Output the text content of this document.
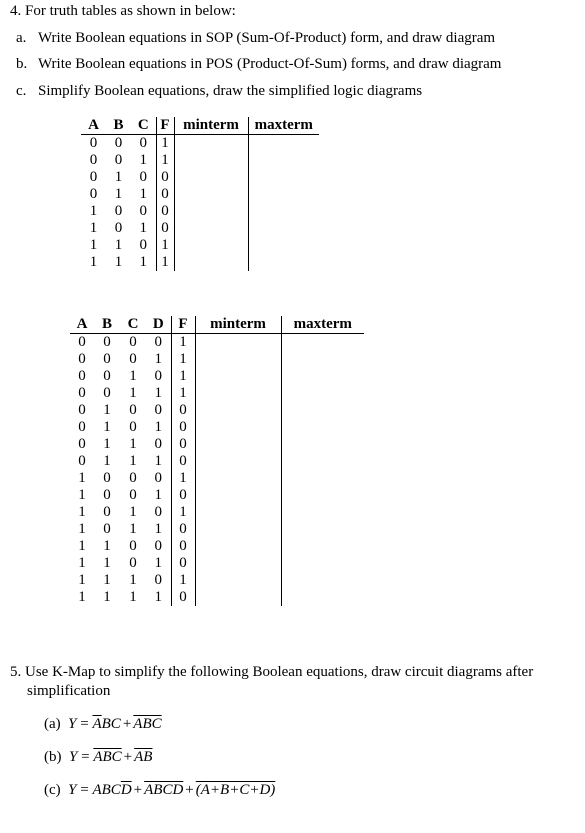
4. For truth tables as shown in below:
a. Write Boolean equations in SOP (Sum-Of-Product) form, and draw diagram
b. Write Boolean equations in POS (Product-Of-Sum) forms, and draw diagram
c. Simplify Boolean equations, draw the simplified logic diagrams
A	B	C	F	minterm	maxterm
0	0	0	1		
0	0	1	1		
0	1	0	0		
0	1	1	0		
1	0	0	0		
1	0	1	0		
1	1	0	1		
1	1	1	1		
A	B	C	D	F	minterm	maxterm
0	0	0	0	1		
0	0	0	1	1		
0	0	1	0	1		
0	0	1	1	1		
0	1	0	0	0		
0	1	0	1	0		
0	1	1	0	0		
0	1	1	1	0		
1	0	0	0	1		
1	0	0	1	0		
1	0	1	0	1		
1	0	1	1	0		
1	1	0	0	0		
1	1	0	1	0		
1	1	1	0	1		
1	1	1	1	0		
5. Use K-Map to simplify the following Boolean equations, draw circuit diagrams after
simplification
(a) $Y = \overline{A}BC + \overline{ABC}$
(b) $Y = \overline{ABC} + \overline{AB}$
(c) $Y = ABC\overline{D}$ + ABCD + (A+B+C+D)
